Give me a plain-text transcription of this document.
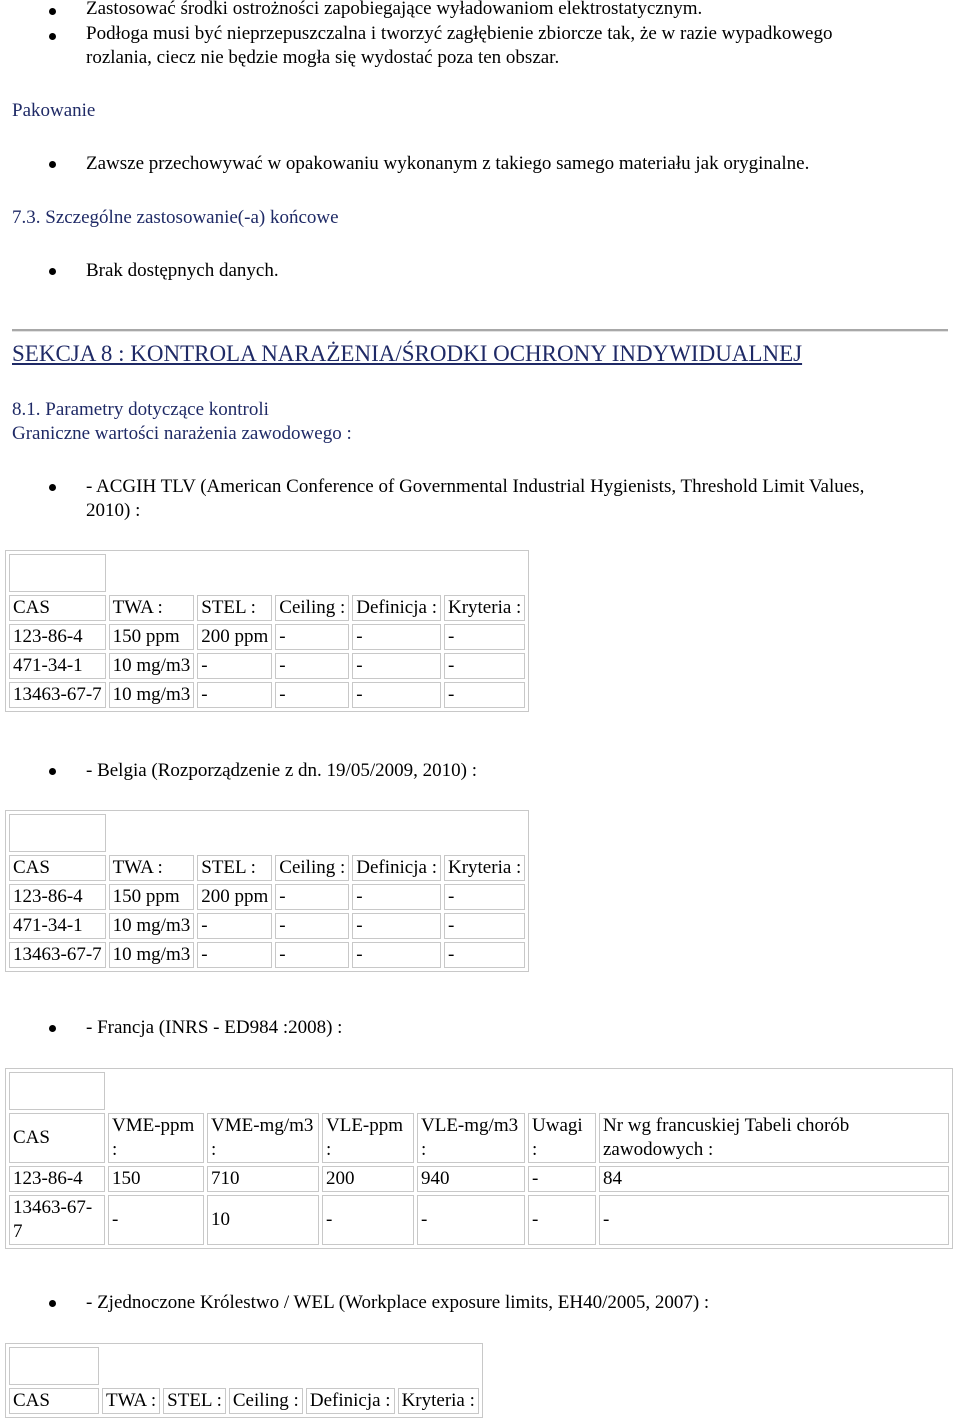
Zastosować środki ostrożności zapobiegające wyładowaniom elektrostatycznym.
Podłoga musi być nieprzepuszczalna i tworzyć zagłębienie zbiorcze tak, że w razie wypadkowego
rozlania, ciecz nie będzie mogła się wydostać poza ten obszar.
Pakowanie
Zawsze przechowywać w opakowaniu wykonanym z takiego samego materiału jak oryginalne.
7.3. Szczególne zastosowanie(-a) końcowe
Brak dostępnych danych.
SEKCJA 8 : KONTROLA NARAŻENIA/ŚRODKI OCHRONY INDYWIDUALNEJ
8.1. Parametry dotyczące kontroli
Graniczne wartości narażenia zawodowego :
- ACGIH TLV (American Conference of Governmental Industrial Hygienists, Threshold Limit Values,
2010) :

CAS	TWA :	STEL :	Ceiling :	Definicja :	Kryteria :
123-86-4	150 ppm	200 ppm	-	-	-
471-34-1	10 mg/m3	-	-	-	-
13463-67-7	10 mg/m3	-	-	-	-
- Belgia (Rozporządzenie z dn. 19/05/2009, 2010) :

CAS	TWA :	STEL :	Ceiling :	Definicja :	Kryteria :
123-86-4	150 ppm	200 ppm	-	-	-
471-34-1	10 mg/m3	-	-	-	-
13463-67-7	10 mg/m3	-	-	-	-
- Francja (INRS - ED984 :2008) :

CAS	VME-ppm :	VME-mg/m3 :	VLE-ppm :	VLE-mg/m3 :	Uwagi :	Nr wg francuskiej Tabeli chorób zawodowych :
123-86-4	150	710	200	940	-	84
13463-67-7	-	10	-	-	-	-
- Zjednoczone Królestwo / WEL (Workplace exposure limits, EH40/2005, 2007) :

CAS	TWA :	STEL :	Ceiling :	Definicja :	Kryteria :
